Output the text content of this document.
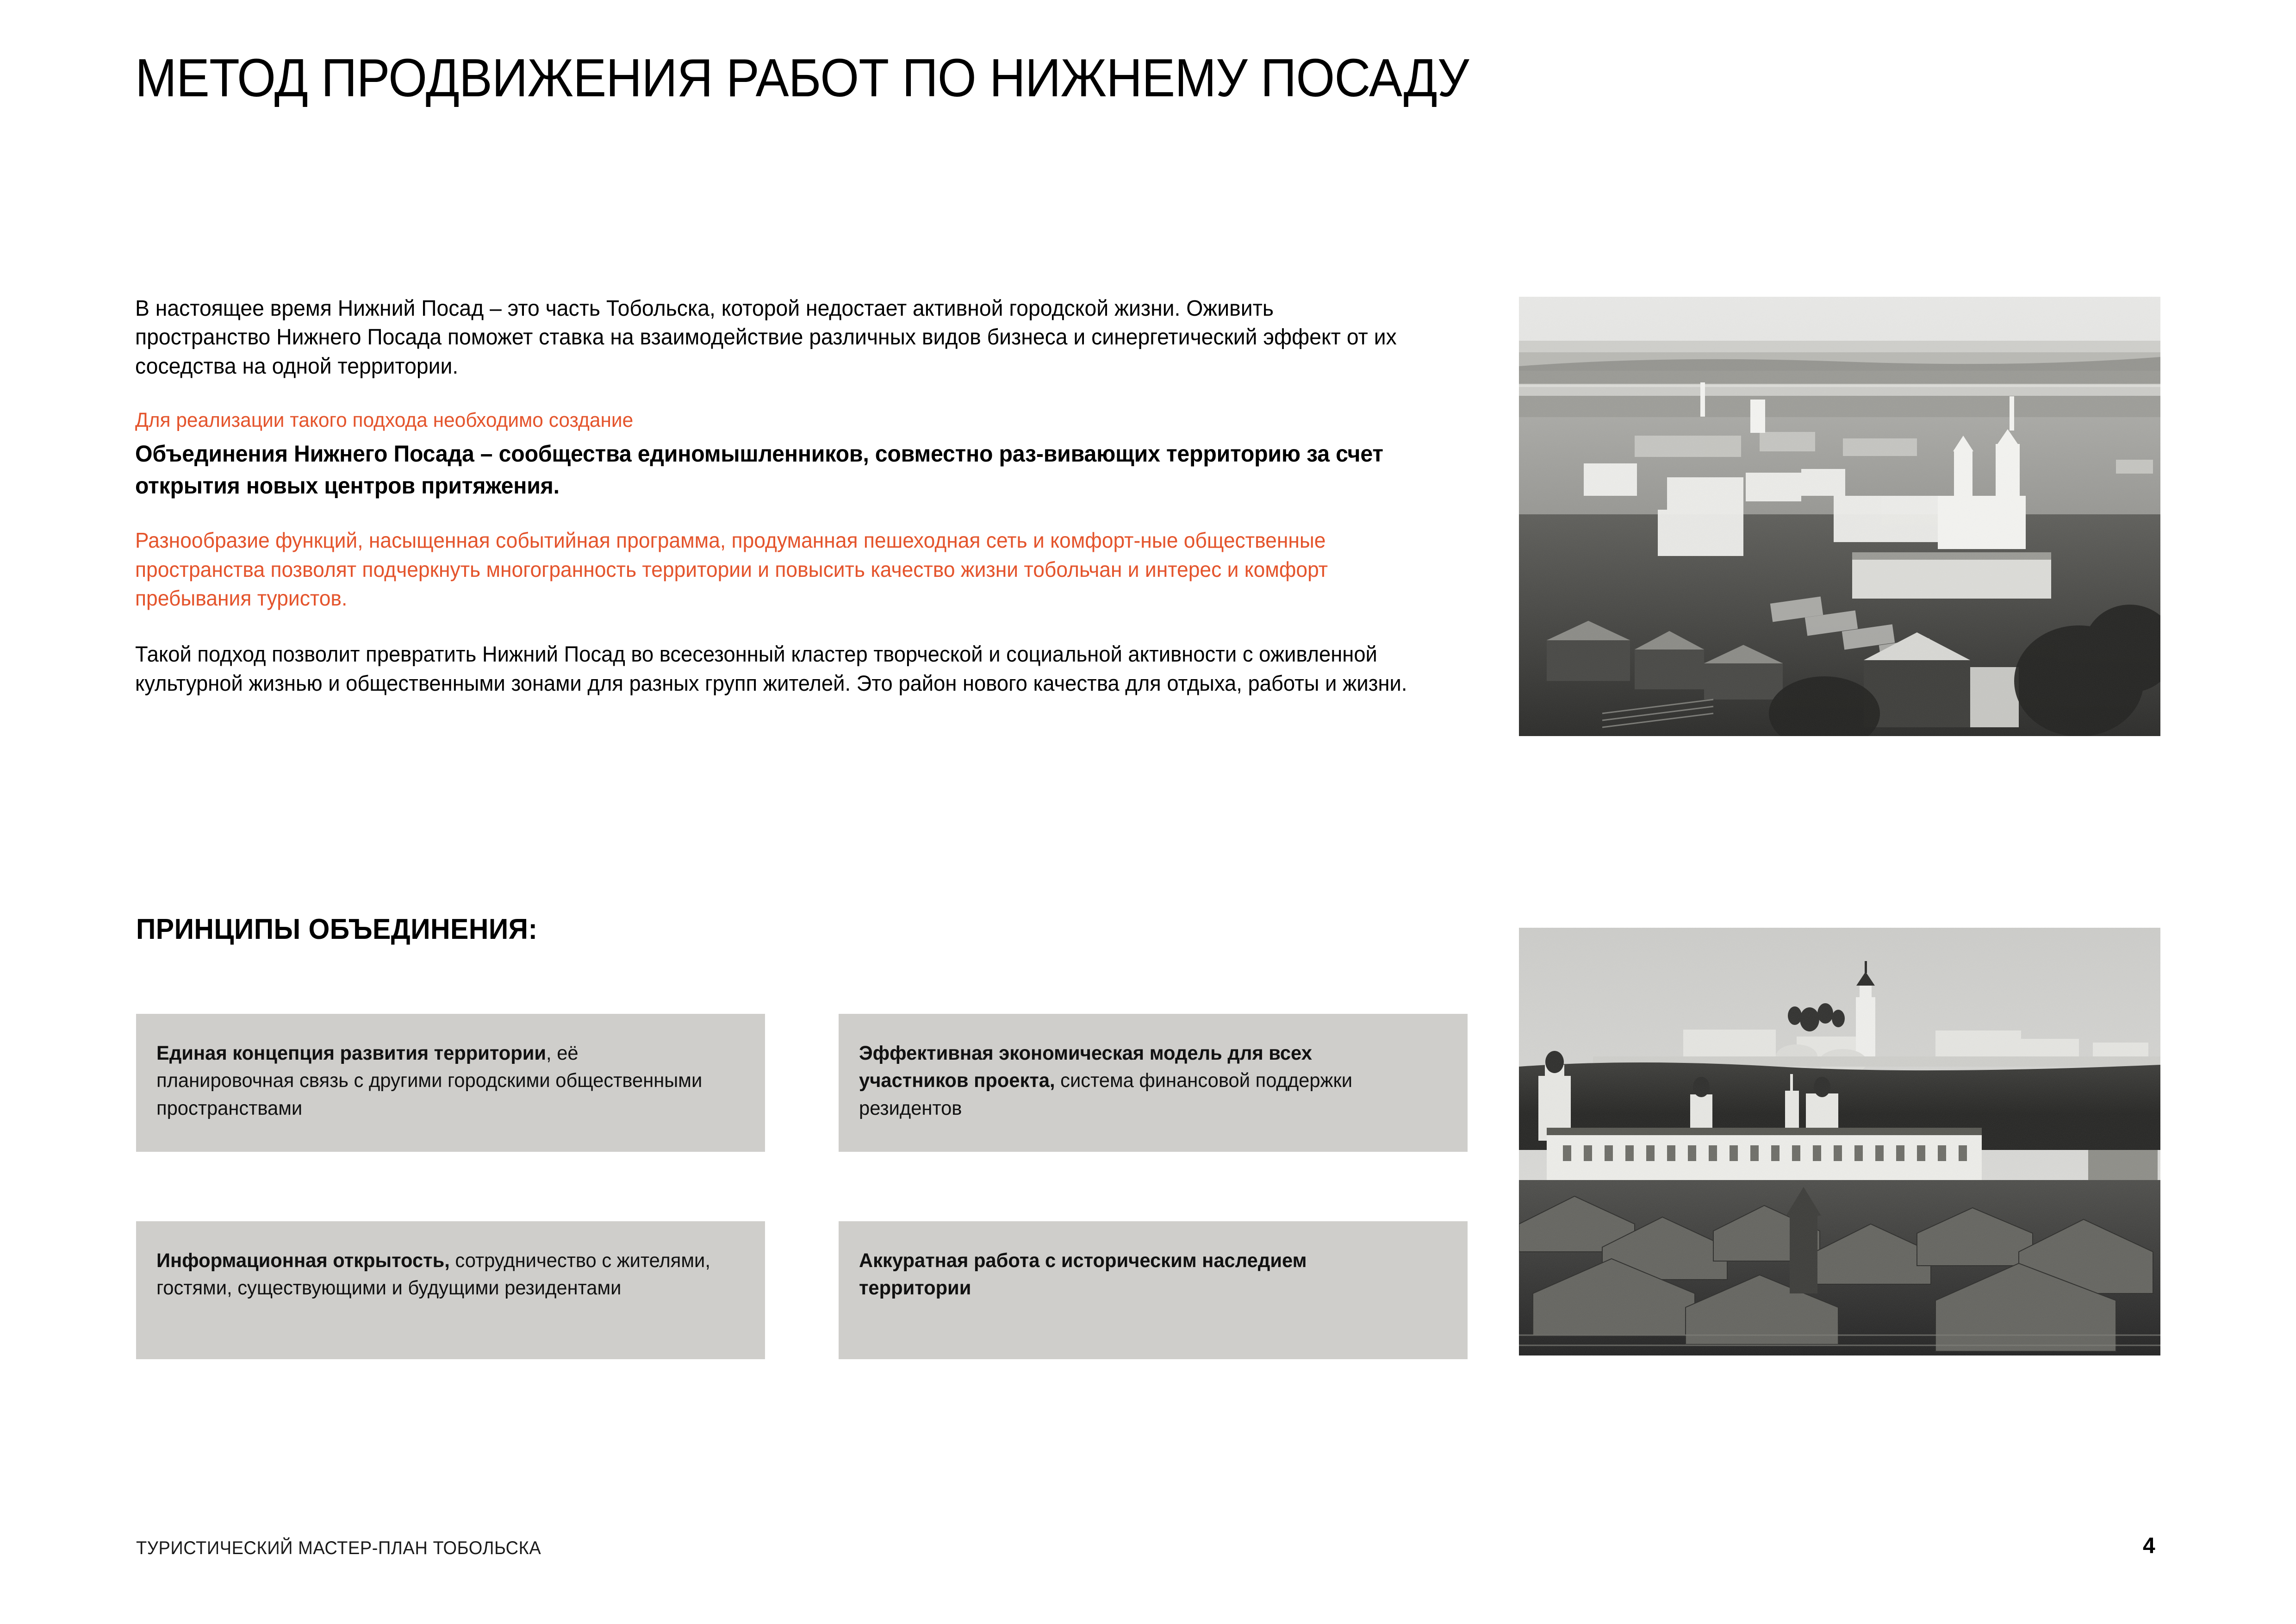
МЕТОД ПРОДВИЖЕНИЯ РАБОТ ПО НИЖНЕМУ ПОСАДУ

В настоящее время Нижний Посад – это часть Тобольска, которой недостает активной городской жизни. Оживить пространство Нижнего Посада поможет ставка на взаимодействие различных видов бизнеса и синергетический эффект от их соседства на одной территории.

Для реализации такого подхода необходимо создание

Объединения Нижнего Посада – сообщества единомышленников, совместно раз-вивающих территорию за счет открытия новых центров притяжения.

Разнообразие функций, насыщенная событийная программа, продуманная пешеходная сеть и комфорт-ные общественные пространства позволят подчеркнуть многогранность территории и повысить качество жизни тобольчан и интерес и комфорт пребывания туристов.

Такой подход позволит превратить Нижний Посад во всесезонный кластер творческой и социальной активности с оживленной культурной жизнью и общественными зонами для разных групп жителей. Это район нового качества для отдыха, работы и жизни.

ПРИНЦИПЫ ОБЪЕДИНЕНИЯ:
Единая концепция развития территории, её планировочная связь с другими городскими общественными пространствами
Эффективная экономическая модель для всех участников проекта, система финансовой поддержки резидентов
Информационная открытость, сотрудничество с жителями, гостями, существующими и будущими резидентами
Аккуратная работа с историческим наследием территории
ТУРИСТИЧЕСКИЙ МАСТЕР-ПЛАН ТОБОЛЬСКА	4
